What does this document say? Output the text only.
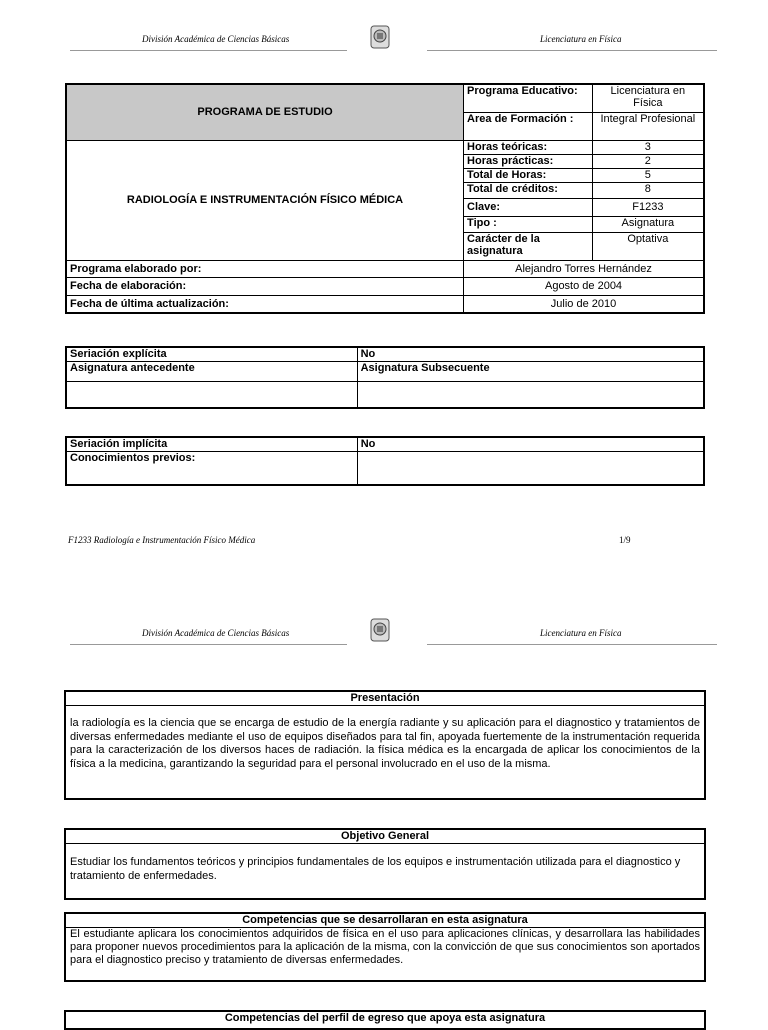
División Académica de Ciencias Básicas	Licenciatura en Física
PROGRAMA DE ESTUDIO	Programa Educativo:	Licenciatura en Física
	Area de Formación :	Integral Profesional
RADIOLOGÍA E INSTRUMENTACIÓN FÍSICO MÉDICA	Horas teóricas:	3
	Horas prácticas:	2
	Total de Horas:	5
	Total de créditos:	8
	Clave:	F1233
	Tipo :	Asignatura
	Carácter de la asignatura	Optativa
Programa elaborado por:	Alejandro Torres Hernández	
Fecha de elaboración:	Agosto de 2004	
Fecha de última actualización:	Julio de 2010	
Seriación explícita	No
Asignatura antecedente	Asignatura Subsecuente

Seriación implícita	No
Conocimientos previos:	
F1233 Radiología e Instrumentación Físico Médica	1/9
División Académica de Ciencias Básicas	Licenciatura en Física
Presentación
la radiología es la ciencia que se encarga de estudio de la energía radiante y su aplicación para el diagnostico y tratamientos de diversas enfermedades mediante el uso de equipos diseñados para tal fin, apoyada fuertemente de la instrumentación requerida para la caracterización de los diversos haces de radiación. la física médica es la encargada de aplicar los conocimientos de la física a la medicina, garantizando la seguridad para el personal involucrado en el uso de la misma.
Objetivo General
Estudiar los fundamentos teóricos y principios fundamentales de los equipos e instrumentación utilizada para el diagnostico y tratamiento de enfermedades.
Competencias que se desarrollaran en esta asignatura
El estudiante aplicara los conocimientos adquiridos de física en el uso para aplicaciones clínicas, y desarrollara las habilidades para proponer nuevos procedimientos para la aplicación de la misma, con la convicción de que sus conocimientos son aportados para el diagnostico preciso y tratamiento de diversas enfermedades.
Competencias del perfil de egreso que apoya esta asignatura
